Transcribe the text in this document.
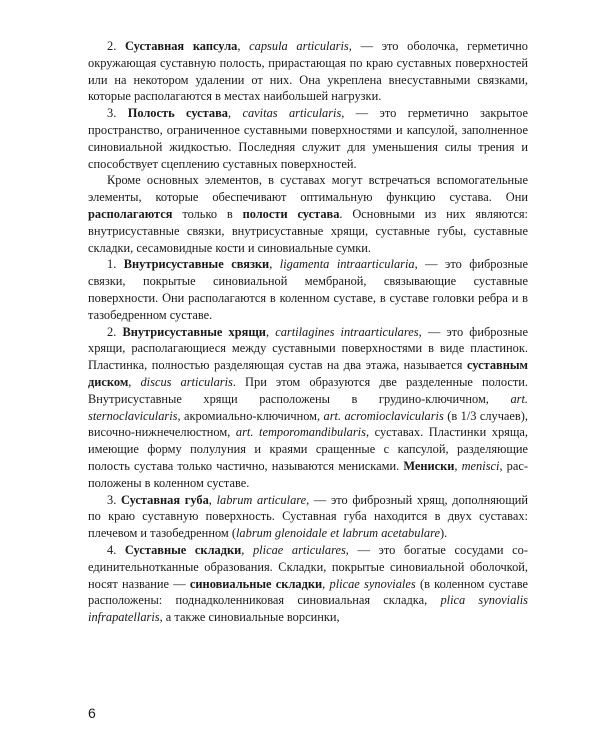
2. Суставная капсула, capsula articularis, — это оболочка, герметично окружающая суставную полость, прирастающая по краю суставных поверхностей или на некотором удалении от них. Она укреплена внесуставными связками, которые располагаются в местах наибольшей нагрузки.

3. Полость сустава, cavitas articularis, — это герметично закрытое пространство, ограниченное суставными поверхностями и капсулой, заполненное синовиальной жидкостью. Последняя служит для уменьшения силы трения и способствует сцеплению суставных поверхностей.

Кроме основных элементов, в суставах могут встречаться вспомогательные элементы, которые обеспечивают оптимальную функцию сустава. Они располагаются только в полости сустава. Основными из них являются: внутрисуставные связки, внутрисуставные хрящи, суставные губы, суставные складки, сесамовидные кости и синовиальные сумки.

1. Внутрисуставные связки, ligamenta intraarticularia, — это фиброзные связки, покрытые синовиальной мембраной, связывающие суставные поверхности. Они располагаются в коленном суставе, в суставе головки ребра и в тазобедренном суставе.

2. Внутрисуставные хрящи, cartilagines intraarticulares, — это фиброзные хрящи, располагающиеся между суставными поверхностями в виде пластинок. Пластинка, полностью разделяющая сустав на два этажа, называется суставным диском, discus articularis. При этом образуются две разделенные полости. Внутрисуставные хрящи расположены в грудино-ключичном, art. sternoclavicularis, акромиально-ключичном, art. acromioclavicularis (в 1/3 случаев), височно-нижнечелюстном, art. temporomandibularis, суставах. Пластинки хряща, имеющие форму полулуния и краями сращенные с капсулой, разделяющие полость сустава только частично, называются менисками. Мениски, menisci, расположены в коленном суставе.

3. Суставная губа, labrum articulare, — это фиброзный хрящ, дополняющий по краю суставную поверхность. Суставная губа находится в двух суставах: плечевом и тазобедренном (labrum glenoidale et labrum acetabulare).

4. Суставные складки, plicae articulares, — это богатые сосудами соединительнотканные образования. Складки, покрытые синовиальной оболочкой, носят название — синовиальные складки, plicae synoviales (в коленном суставе расположены: поднадколенниковая синовиальная складка, plica synovialis infrapatellaris, а также синовиальные ворсинки,

6
